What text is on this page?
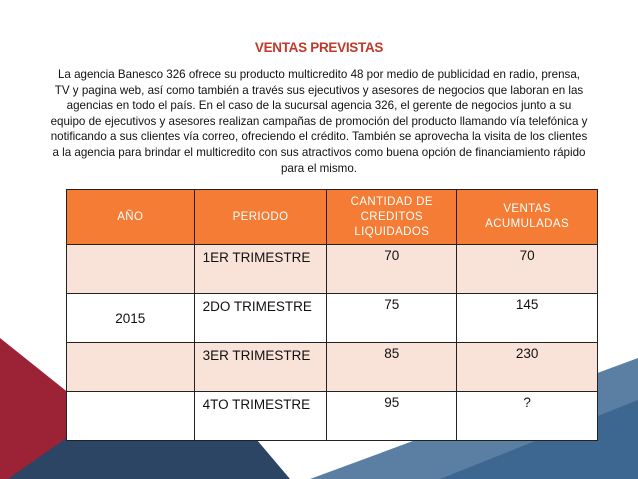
VENTAS PREVISTAS
La agencia Banesco 326 ofrece su producto multicredito 48 por medio de publicidad en radio, prensa, TV y pagina web, así como también a través sus ejecutivos y asesores de negocios que laboran en las agencias en todo el país. En el caso de la sucursal agencia 326, el gerente de negocios junto a su equipo de ejecutivos y asesores realizan campañas de promoción del producto llamando vía telefónica y notificando a sus clientes vía correo, ofreciendo el crédito. También se aprovecha la visita de los clientes a la agencia para brindar el multicredito con sus atractivos como buena opción de financiamiento rápido para el mismo.
AÑO	PERIODO	CANTIDAD DE CREDITOS LIQUIDADOS	VENTAS ACUMULADAS
	1ER TRIMESTRE	70	70
2015	2DO TRIMESTRE	75	145
	3ER TRIMESTRE	85	230
	4TO TRIMESTRE	95	?
